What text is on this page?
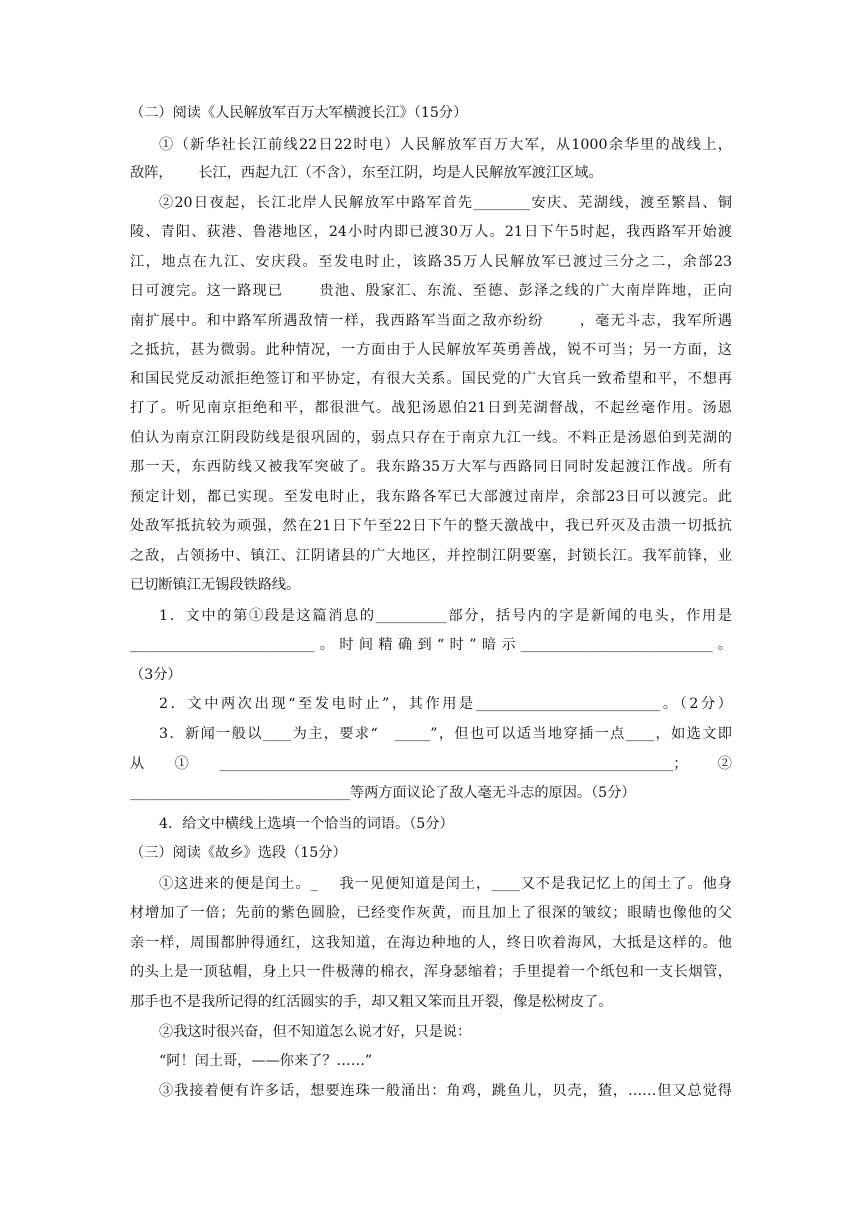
（二）阅读《人民解放军百万大军横渡长江》（15分）
①（新华社长江前线22日22时电）人民解放军百万大军，从1000余华里的战线上，
敌阵，　　 长江，西起九江（不含），东至江阴，均是人民解放军渡江区域。
②20日夜起，长江北岸人民解放军中路军首先________安庆、芜湖线，渡至繁昌、铜
陵、青阳、荻港、鲁港地区，24小时内即已渡30万人。21日下午5时起，我西路军开始渡
江，地点在九江、安庆段。至发电时止，该路35万人民解放军已渡过三分之二，余部23
日可渡完。这一路现已　　 贵池、殷家汇、东流、至德、彭泽之线的广大南岸阵地，正向
南扩展中。和中路军所遇敌情一样，我西路军当面之敌亦纷纷　　 ，毫无斗志，我军所遇
之抵抗，甚为微弱。此种情况，一方面由于人民解放军英勇善战，锐不可当；另一方面，这
和国民党反动派拒绝签订和平协定，有很大关系。国民党的广大官兵一致希望和平，不想再
打了。听见南京拒绝和平，都很泄气。战犯汤恩伯21日到芜湖督战，不起丝毫作用。汤恩
伯认为南京江阴段防线是很巩固的，弱点只存在于南京九江一线。不料正是汤恩伯到芜湖的
那一天，东西防线又被我军突破了。我东路35万大军与西路同日同时发起渡江作战。所有
预定计划，都已实现。至发电时止，我东路各军已大部渡过南岸，余部23日可以渡完。此
处敌军抵抗较为顽强，然在21日下午至22日下午的整天激战中，我已歼灭及击溃一切抵抗
之敌，占领扬中、镇江、江阴诸县的广大地区，并控制江阴要塞，封锁长江。我军前锋，业
已切断镇江无锡段铁路线。
1．文中的第①段是这篇消息的__________部分，括号内的字是新闻的电头，作用是
__________________________。时间精确到“时”暗示___________________________。
（3分）
2．文中两次出现“至发电时止”，其作用是__________________________。（2分）
3．新闻一般以____为主，要求“　_____”，但也可以适当地穿插一点____，如选文即
从①________________________________________________________________；②
_______________________________等两方面议论了敌人毫无斗志的原因。（5分）
4．给文中横线上选填一个恰当的词语。（5分）
（三）阅读《故乡》选段（15分）
①这进来的便是闰土。_　 我一见便知道是闰土，____又不是我记忆上的闰土了。他身
材增加了一倍；先前的紫色圆脸，已经变作灰黄，而且加上了很深的皱纹；眼睛也像他的父
亲一样，周围都肿得通红，这我知道，在海边种地的人，终日吹着海风，大抵是这样的。他
的头上是一顶毡帽，身上只一件极薄的棉衣，浑身瑟缩着；手里提着一个纸包和一支长烟管，
那手也不是我所记得的红活圆实的手，却又粗又笨而且开裂，像是松树皮了。
②我这时很兴奋，但不知道怎么说才好，只是说：
“阿！闰土哥，——你来了？……”
③我接着便有许多话，想要连珠一般涌出：角鸡，跳鱼儿，贝壳，猹，……但又总觉得
